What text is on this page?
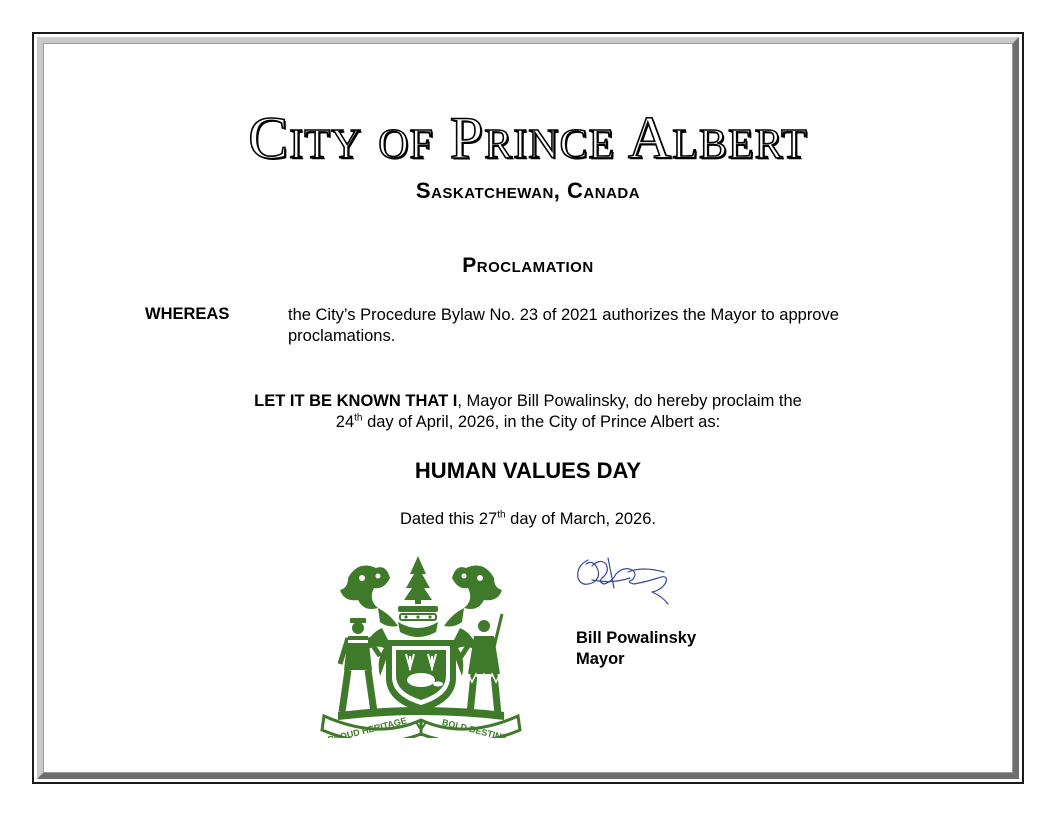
City of Prince Albert
Saskatchewan, Canada
Proclamation
WHEREAS	the City’s Procedure Bylaw No. 23 of 2021 authorizes the Mayor to approve proclamations.
LET IT BE KNOWN THAT I, Mayor Bill Powalinsky, do hereby proclaim the
24th day of April, 2026, in the City of Prince Albert as:
HUMAN VALUES DAY
Dated this 27th day of March, 2026.
PROUD HERITAGE	BOLD DESTINY
Bill Powalinsky
Mayor
